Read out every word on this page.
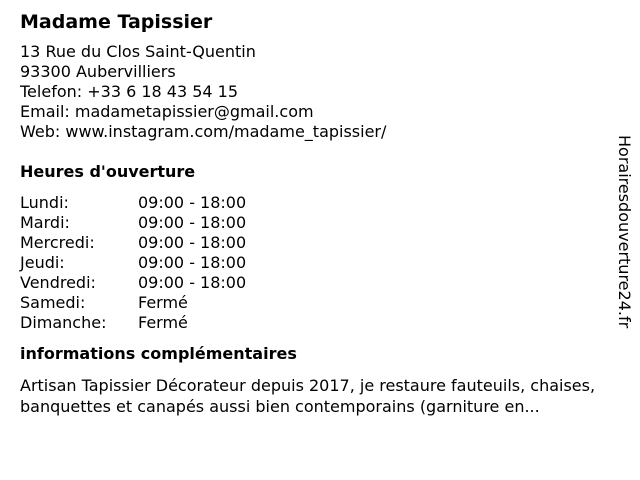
Madame Tapissier
13 Rue du Clos Saint-Quentin
93300 Aubervilliers
Telefon: +33 6 18 43 54 15
Email: madametapissier@gmail.com
Web: www.instagram.com/madame_tapissier/
Heures d'ouverture
Lundi:	09:00 - 18:00
Mardi:	09:00 - 18:00
Mercredi:	09:00 - 18:00
Jeudi:	09:00 - 18:00
Vendredi:	09:00 - 18:00
Samedi:	Fermé
Dimanche:	Fermé
informations complémentaires

Artisan Tapissier Décorateur depuis 2017, je restaure fauteuils, chaises, banquettes et canapés aussi bien contemporains (garniture en...

Horairesdouverture24.fr
